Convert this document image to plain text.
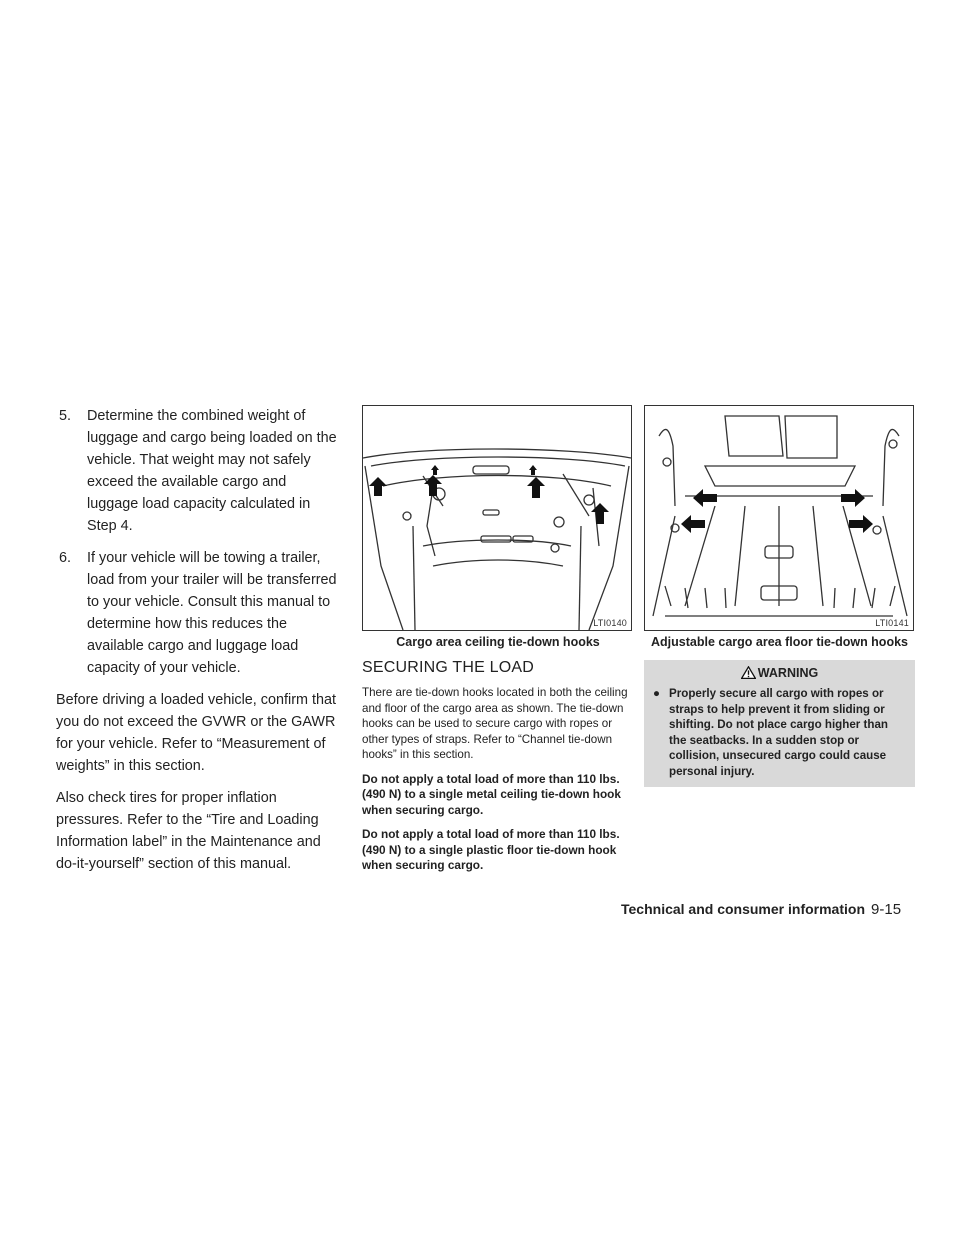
5. Determine the combined weight of luggage and cargo being loaded on the vehicle. That weight may not safely exceed the available cargo and luggage load capacity calculated in Step 4.
6. If your vehicle will be towing a trailer, load from your trailer will be transferred to your vehicle. Consult this manual to determine how this reduces the available cargo and luggage load capacity of your vehicle.

Before driving a loaded vehicle, confirm that you do not exceed the GVWR or the GAWR for your vehicle. Refer to “Measurement of weights” in this section.

Also check tires for proper inflation pressures. Refer to the “Tire and Loading Information label” in the Maintenance and do-it-yourself” section of this manual.

LTI0140
Cargo area ceiling tie-down hooks
SECURING THE LOAD

There are tie-down hooks located in both the ceiling and floor of the cargo area as shown. The tie-down hooks can be used to secure cargo with ropes or other types of straps. Refer to “Channel tie-down hooks” in this section.

Do not apply a total load of more than 110 lbs. (490 N) to a single metal ceiling tie-down hook when securing cargo.

Do not apply a total load of more than 110 lbs. (490 N) to a single plastic floor tie-down hook when securing cargo.

LTI0141
Adjustable cargo area floor tie-down hooks
WARNING
● Properly secure all cargo with ropes or straps to help prevent it from sliding or shifting. Do not place cargo higher than the seatbacks. In a sudden stop or collision, unsecured cargo could cause personal injury.
Technical and consumer information 9-15
